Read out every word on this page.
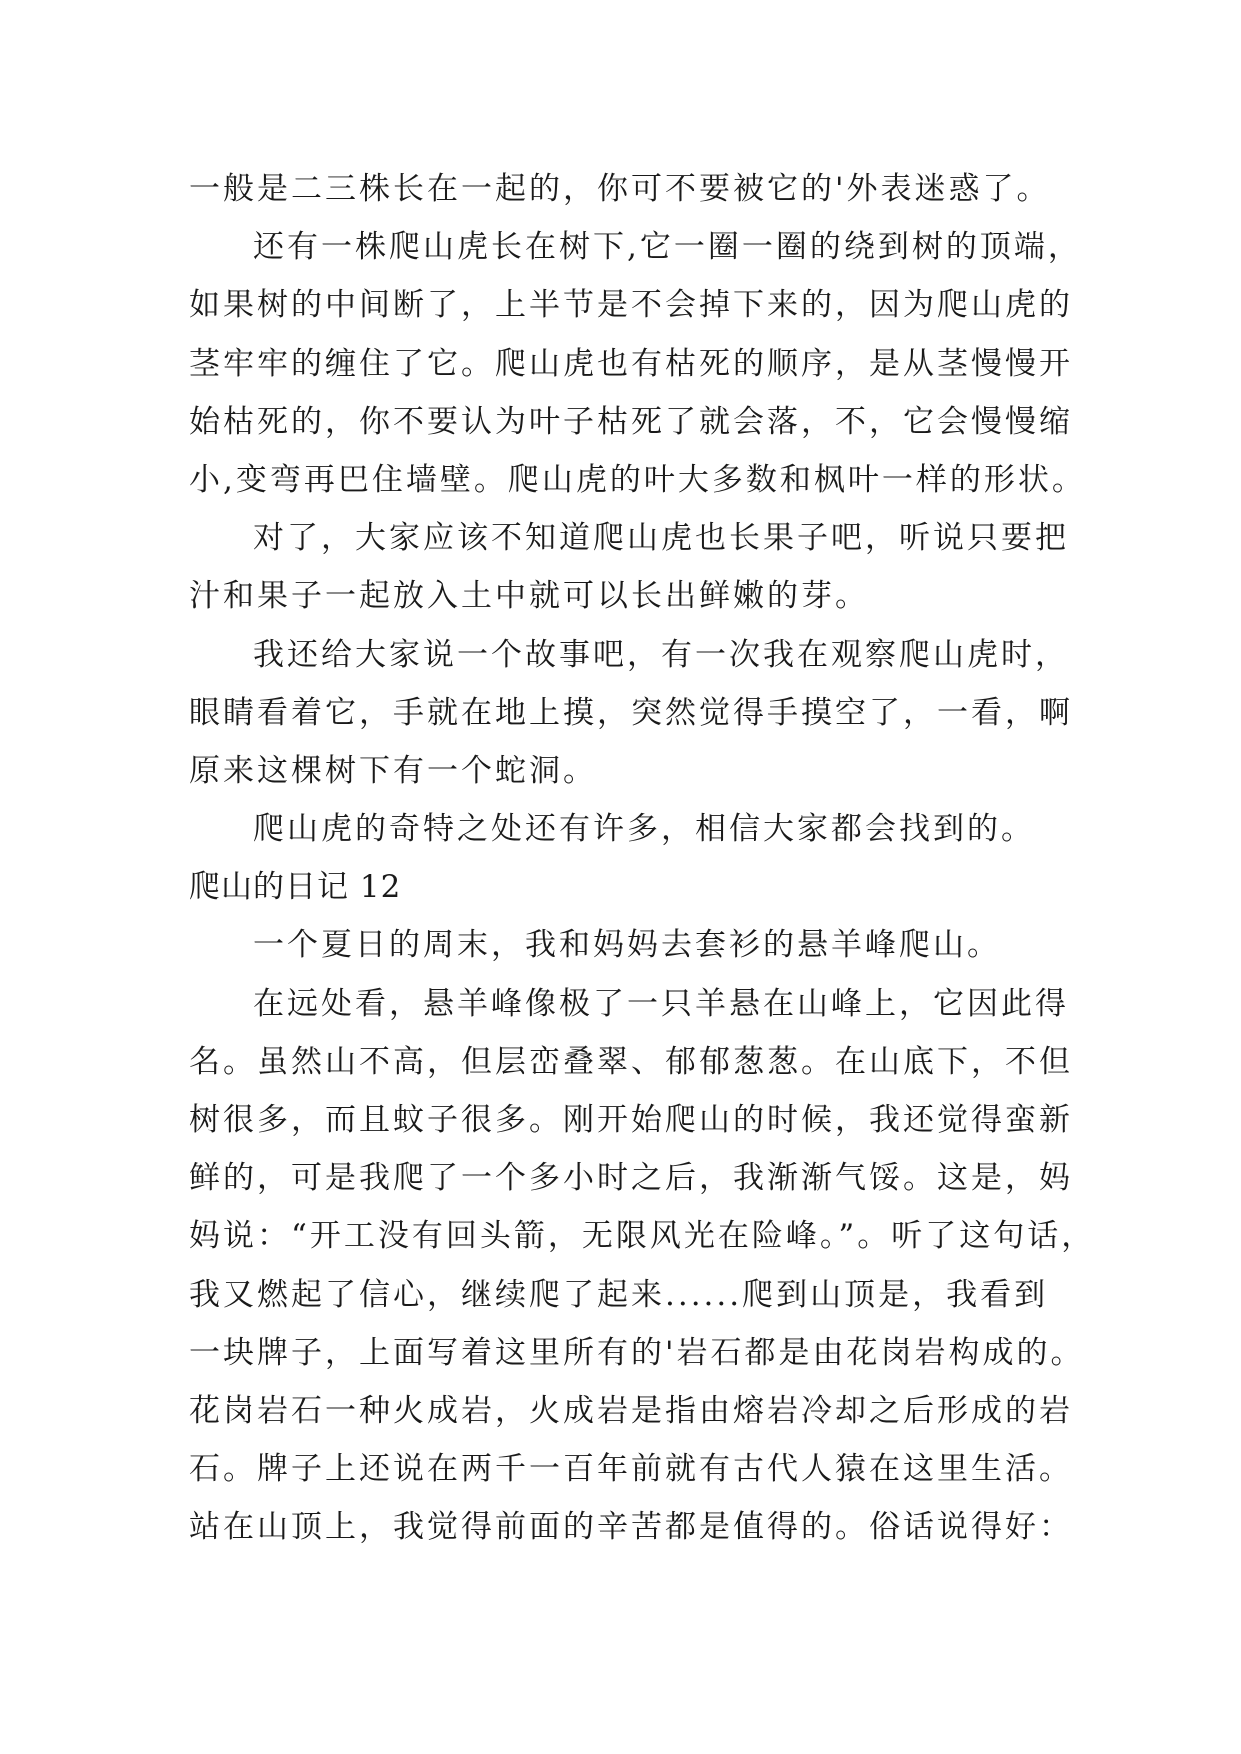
一般是二三株长在一起的，你可不要被它的'外表迷惑了。
还有一株爬山虎长在树下,它一圈一圈的绕到树的顶端，
如果树的中间断了，上半节是不会掉下来的，因为爬山虎的
茎牢牢的缠住了它。爬山虎也有枯死的顺序，是从茎慢慢开
始枯死的，你不要认为叶子枯死了就会落，不，它会慢慢缩
小,变弯再巴住墙壁。爬山虎的叶大多数和枫叶一样的形状。
对了，大家应该不知道爬山虎也长果子吧，听说只要把
汁和果子一起放入土中就可以长出鲜嫩的芽。
我还给大家说一个故事吧，有一次我在观察爬山虎时，
眼睛看着它，手就在地上摸，突然觉得手摸空了，一看，啊
原来这棵树下有一个蛇洞。
爬山虎的奇特之处还有许多，相信大家都会找到的。
爬山的日记 12
一个夏日的周末，我和妈妈去套衫的悬羊峰爬山。
在远处看，悬羊峰像极了一只羊悬在山峰上，它因此得
名。虽然山不高，但层峦叠翠、郁郁葱葱。在山底下，不但
树很多，而且蚊子很多。刚开始爬山的时候，我还觉得蛮新
鲜的，可是我爬了一个多小时之后，我渐渐气馁。这是，妈
妈说：“开工没有回头箭，无限风光在险峰。”。听了这句话，
我又燃起了信心，继续爬了起来......爬到山顶是，我看到
一块牌子，上面写着这里所有的'岩石都是由花岗岩构成的。
花岗岩石一种火成岩，火成岩是指由熔岩冷却之后形成的岩
石。牌子上还说在两千一百年前就有古代人猿在这里生活。
站在山顶上，我觉得前面的辛苦都是值得的。俗话说得好：
